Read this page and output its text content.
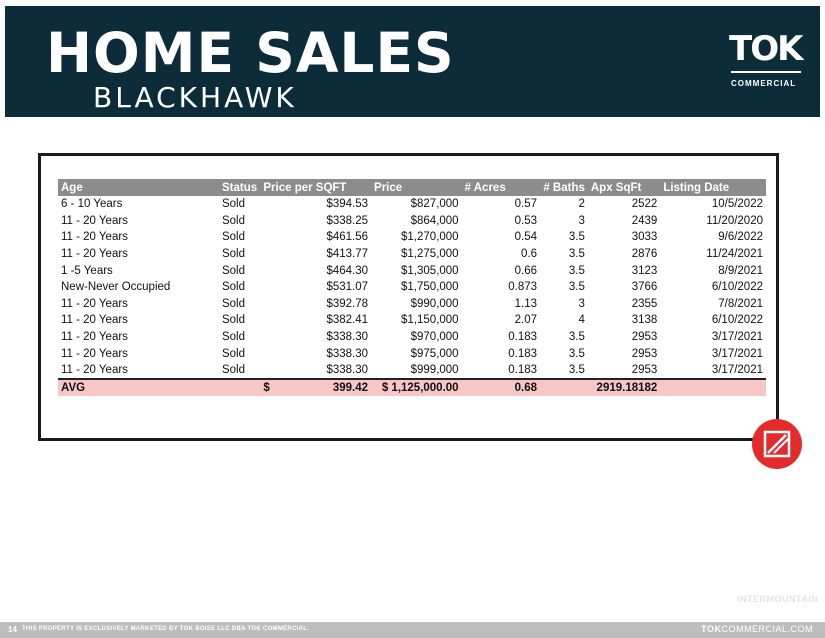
HOME SALES
BLACKHAWK
TOK
COMMERCIAL
Age	Status	Price per SQFT	Price	# Acres	# Baths	Apx SqFt	Listing Date
6 - 10 Years	Sold	$394.53	$827,000	0.57	2	2522	10/5/2022
11 - 20 Years	Sold	$338.25	$864,000	0.53	3	2439	11/20/2020
11 - 20 Years	Sold	$461.56	$1,270,000	0.54	3.5	3033	9/6/2022
11 - 20 Years	Sold	$413.77	$1,275,000	0.6	3.5	2876	11/24/2021
1 -5 Years	Sold	$464.30	$1,305,000	0.66	3.5	3123	8/9/2021
New-Never Occupied	Sold	$531.07	$1,750,000	0.873	3.5	3766	6/10/2022
11 - 20 Years	Sold	$392.78	$990,000	1.13	3	2355	7/8/2021
11 - 20 Years	Sold	$382.41	$1,150,000	2.07	4	3138	6/10/2022
11 - 20 Years	Sold	$338.30	$970,000	0.183	3.5	2953	3/17/2021
11 - 20 Years	Sold	$338.30	$975,000	0.183	3.5	2953	3/17/2021
11 - 20 Years	Sold	$338.30	$999,000	0.183	3.5	2953	3/17/2021
AVG		$ 399.42	$ 1,125,000.00	0.68		2919.18182	
INTERMOUNTAIN
14 THIS PROPERTY IS EXCLUSIVELY MARKETED BY TOK BOISE LLC DBA TOK COMMERCIAL.	TOKCOMMERCIAL.COM
